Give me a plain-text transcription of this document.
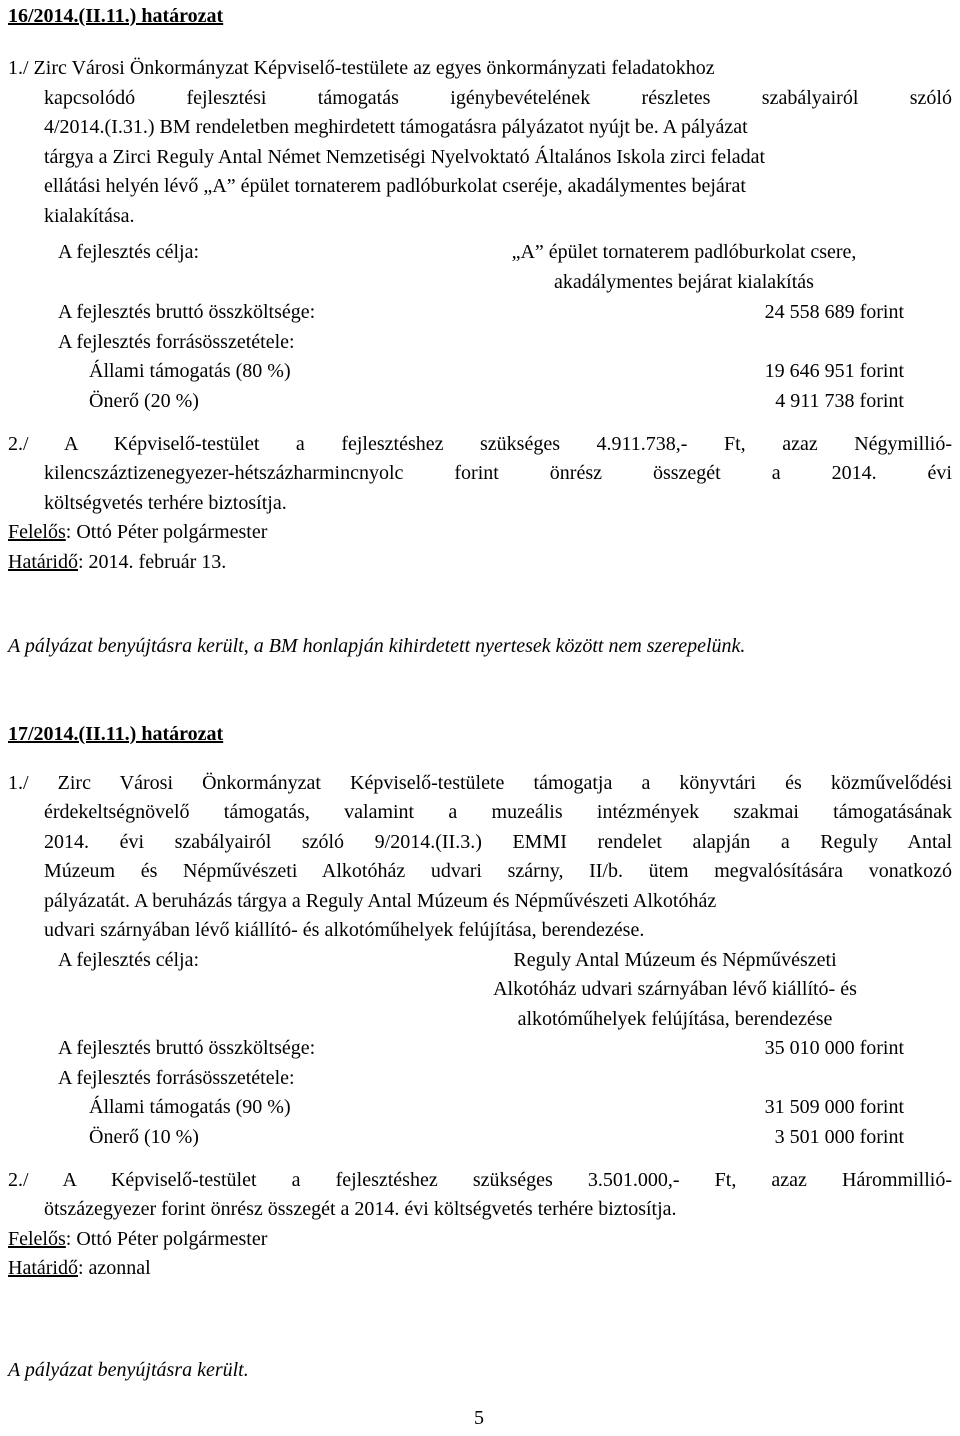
16/2014.(II.11.) határozat
1./ Zirc Városi Önkormányzat Képviselő-testülete az egyes önkormányzati feladatokhoz
kapcsolódó fejlesztési támogatás igénybevételének részletes szabályairól szóló
4/2014.(I.31.) BM rendeletben meghirdetett támogatásra pályázatot nyújt be. A pályázat
tárgya a Zirci Reguly Antal Német Nemzetiségi Nyelvoktató Általános Iskola zirci feladat
ellátási helyén lévő „A” épület tornaterem padlóburkolat cseréje, akadálymentes bejárat
kialakítása.
A fejlesztés célja:	„A” épület tornaterem padlóburkolat csere,
akadálymentes bejárat kialakítás
A fejlesztés bruttó összköltsége:	24 558 689 forint
A fejlesztés forrásösszetétele:
Állami támogatás (80 %)	19 646 951 forint
Önerő (20 %)	4 911 738 forint
2./ A Képviselő-testület a fejlesztéshez szükséges 4.911.738,- Ft, azaz Négymillió-
kilencszáztizenegyezer-hétszázharmincnyolc forint önrész összegét a 2014. évi
költségvetés terhére biztosítja.
Felelős: Ottó Péter polgármester
Határidő: 2014. február 13.
A pályázat benyújtásra került, a BM honlapján kihirdetett nyertesek között nem szerepelünk.
17/2014.(II.11.) határozat
1./ Zirc Városi Önkormányzat Képviselő-testülete támogatja a könyvtári és közművelődési
érdekeltségnövelő támogatás, valamint a muzeális intézmények szakmai támogatásának
2014. évi szabályairól szóló 9/2014.(II.3.) EMMI rendelet alapján a Reguly Antal
Múzeum és Népművészeti Alkotóház udvari szárny, II/b. ütem megvalósítására vonatkozó
pályázatát. A beruházás tárgya a Reguly Antal Múzeum és Népművészeti Alkotóház
udvari szárnyában lévő kiállító- és alkotóműhelyek felújítása, berendezése.
A fejlesztés célja:	Reguly Antal Múzeum és Népművészeti
Alkotóház udvari szárnyában lévő kiállító- és
alkotóműhelyek felújítása, berendezése
A fejlesztés bruttó összköltsége:	35 010 000 forint
A fejlesztés forrásösszetétele:
Állami támogatás (90 %)	31 509 000 forint
Önerő (10 %)	3 501 000 forint
2./ A Képviselő-testület a fejlesztéshez szükséges 3.501.000,- Ft, azaz Hárommillió-
ötszázegyezer forint önrész összegét a 2014. évi költségvetés terhére biztosítja.
Felelős: Ottó Péter polgármester
Határidő: azonnal
A pályázat benyújtásra került.
5
